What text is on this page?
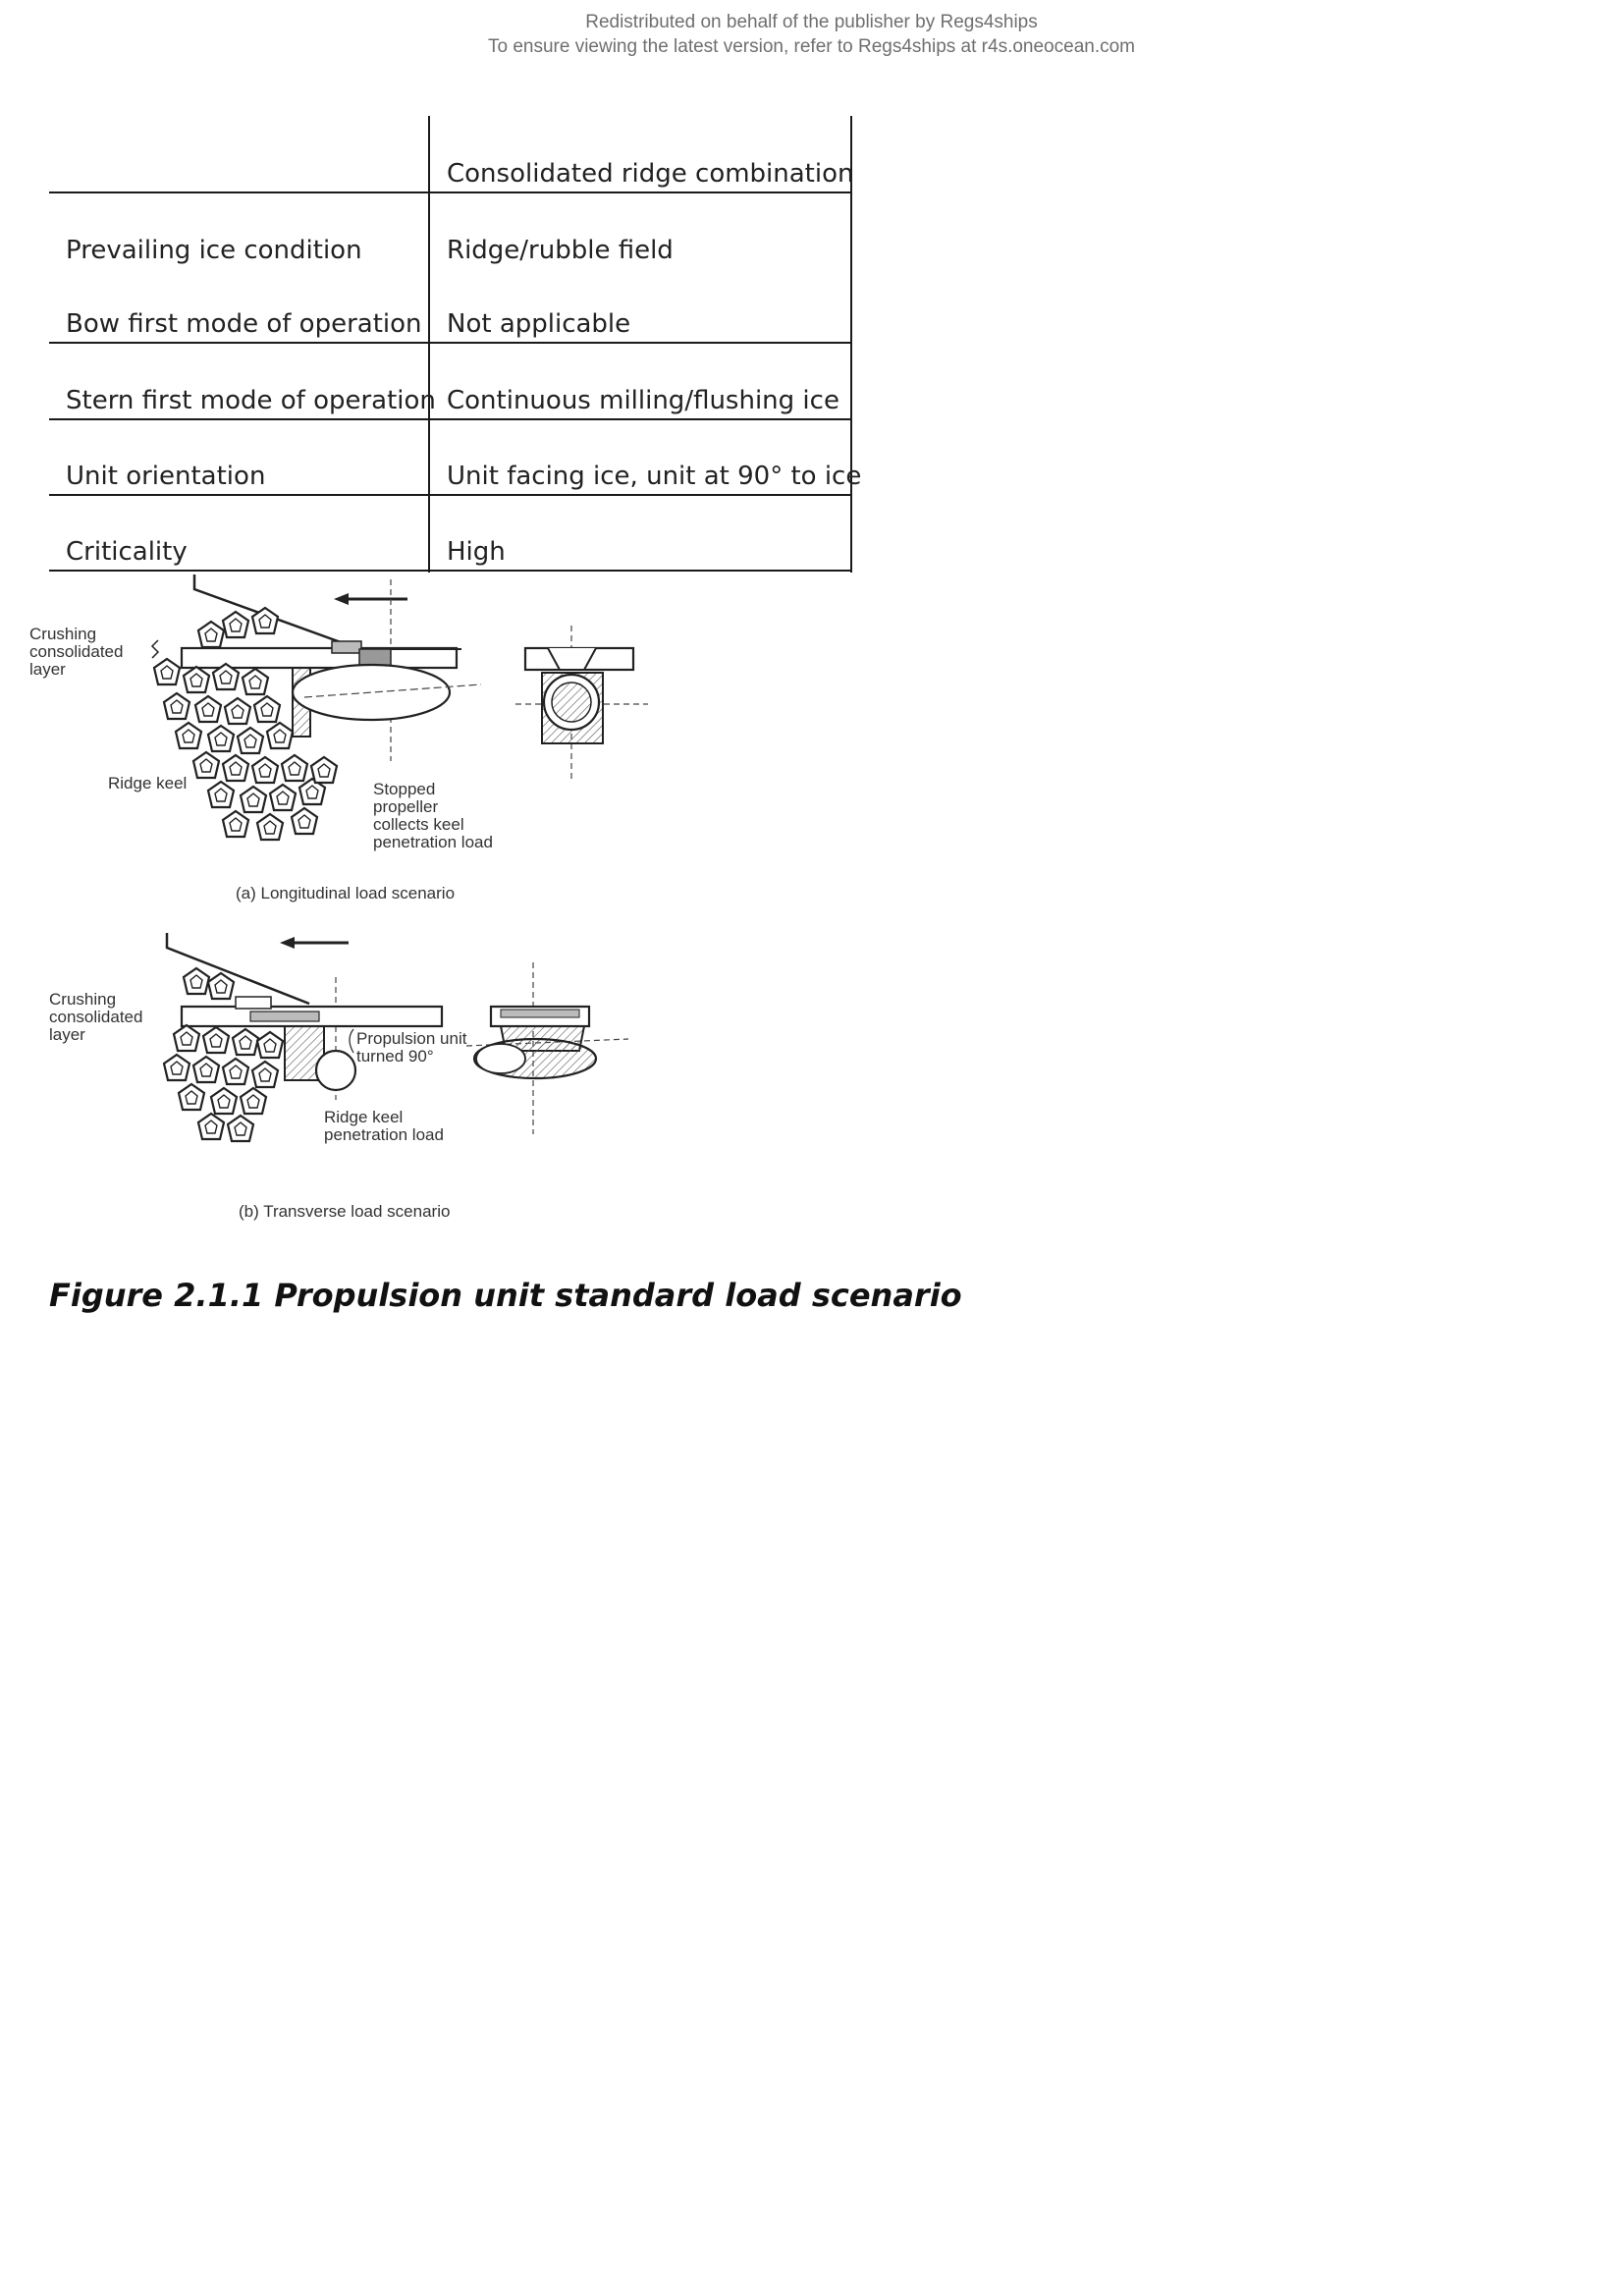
Redistributed on behalf of the publisher by Regs4ships
To ensure viewing the latest version, refer to Regs4ships at r4s.oneocean.com
Consolidated ridge combination
Prevailing ice condition	Ridge/rubble field
Bow first mode of operation Not applicable
Stern first mode of operation Continuous milling/flushing ice
Unit orientation	Unit facing ice, unit at 90° to ice
Criticality	High
Crushing
consolidated
layer
Ridge keel	Stopped
propeller
collects keel
penetration load
(a) Longitudinal load scenario
Crushing
consolidated
layer	Propulsion unit
turned 90°
Ridge keel
penetration load
(b) Transverse load scenario
Figure 2.1.1 Propulsion unit standard load scenario
